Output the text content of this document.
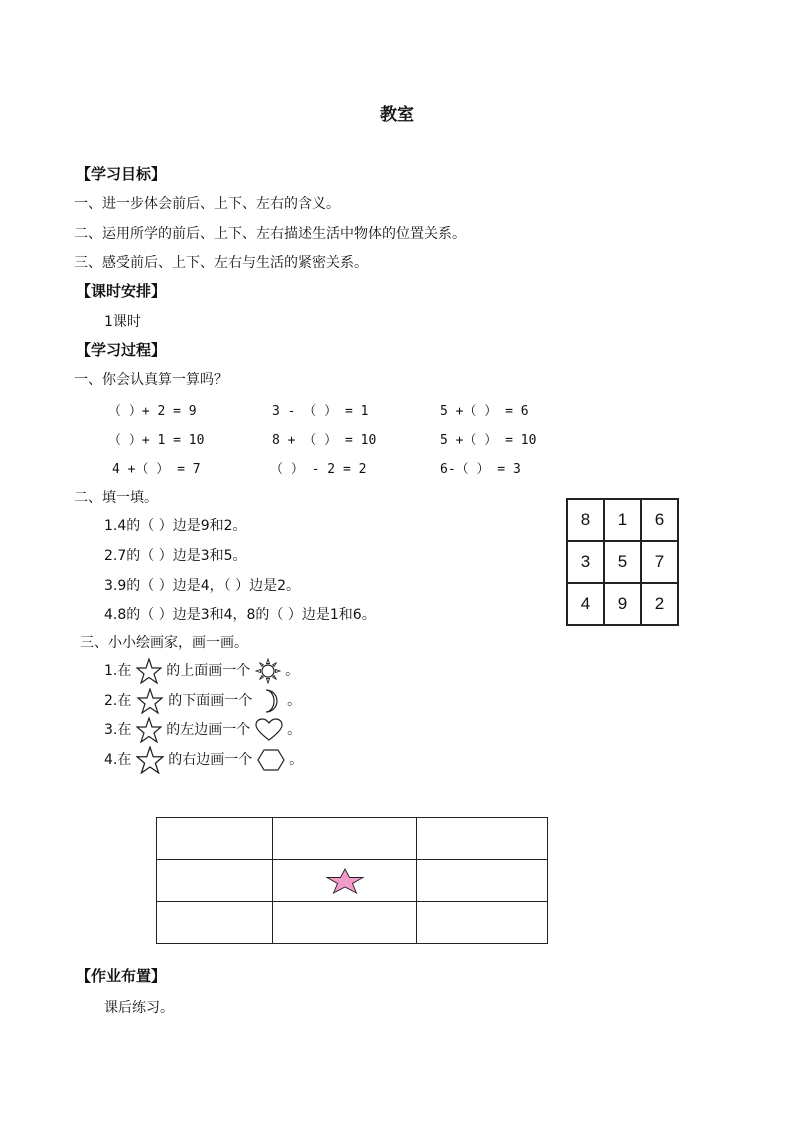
教室
【学习目标】
一、进一步体会前后、上下、左右的含义。
二、运用所学的前后、上下、左右描述生活中物体的位置关系。
三、感受前后、上下、左右与生活的紧密关系。
【课时安排】
1课时
【学习过程】
一、你会认真算一算吗？
（ ）+ 2 = 9	3 - （ ） = 1	5 +（ ） = 6
（ ）+ 1 = 10	8 + （ ） = 10	5 +（ ） = 10
4 +（ ） = 7	（ ） - 2 = 2	6-（ ） = 3
二、填一填。
1.4的（ ）边是9和2。
2.7的（ ）边是3和5。
3.9的（ ）边是4，（ ）边是2。
4.8的（ ）边是3和4，8的（ ）边是1和6。
8	1	6
3	5	7
4	9	2
三、小小绘画家，画一画。
1.在 的上面画一个 。
2.在	的下面画一个 。
3.在 的左边画一个	。
4.在	的右边画一个	。

【作业布置】
课后练习。
